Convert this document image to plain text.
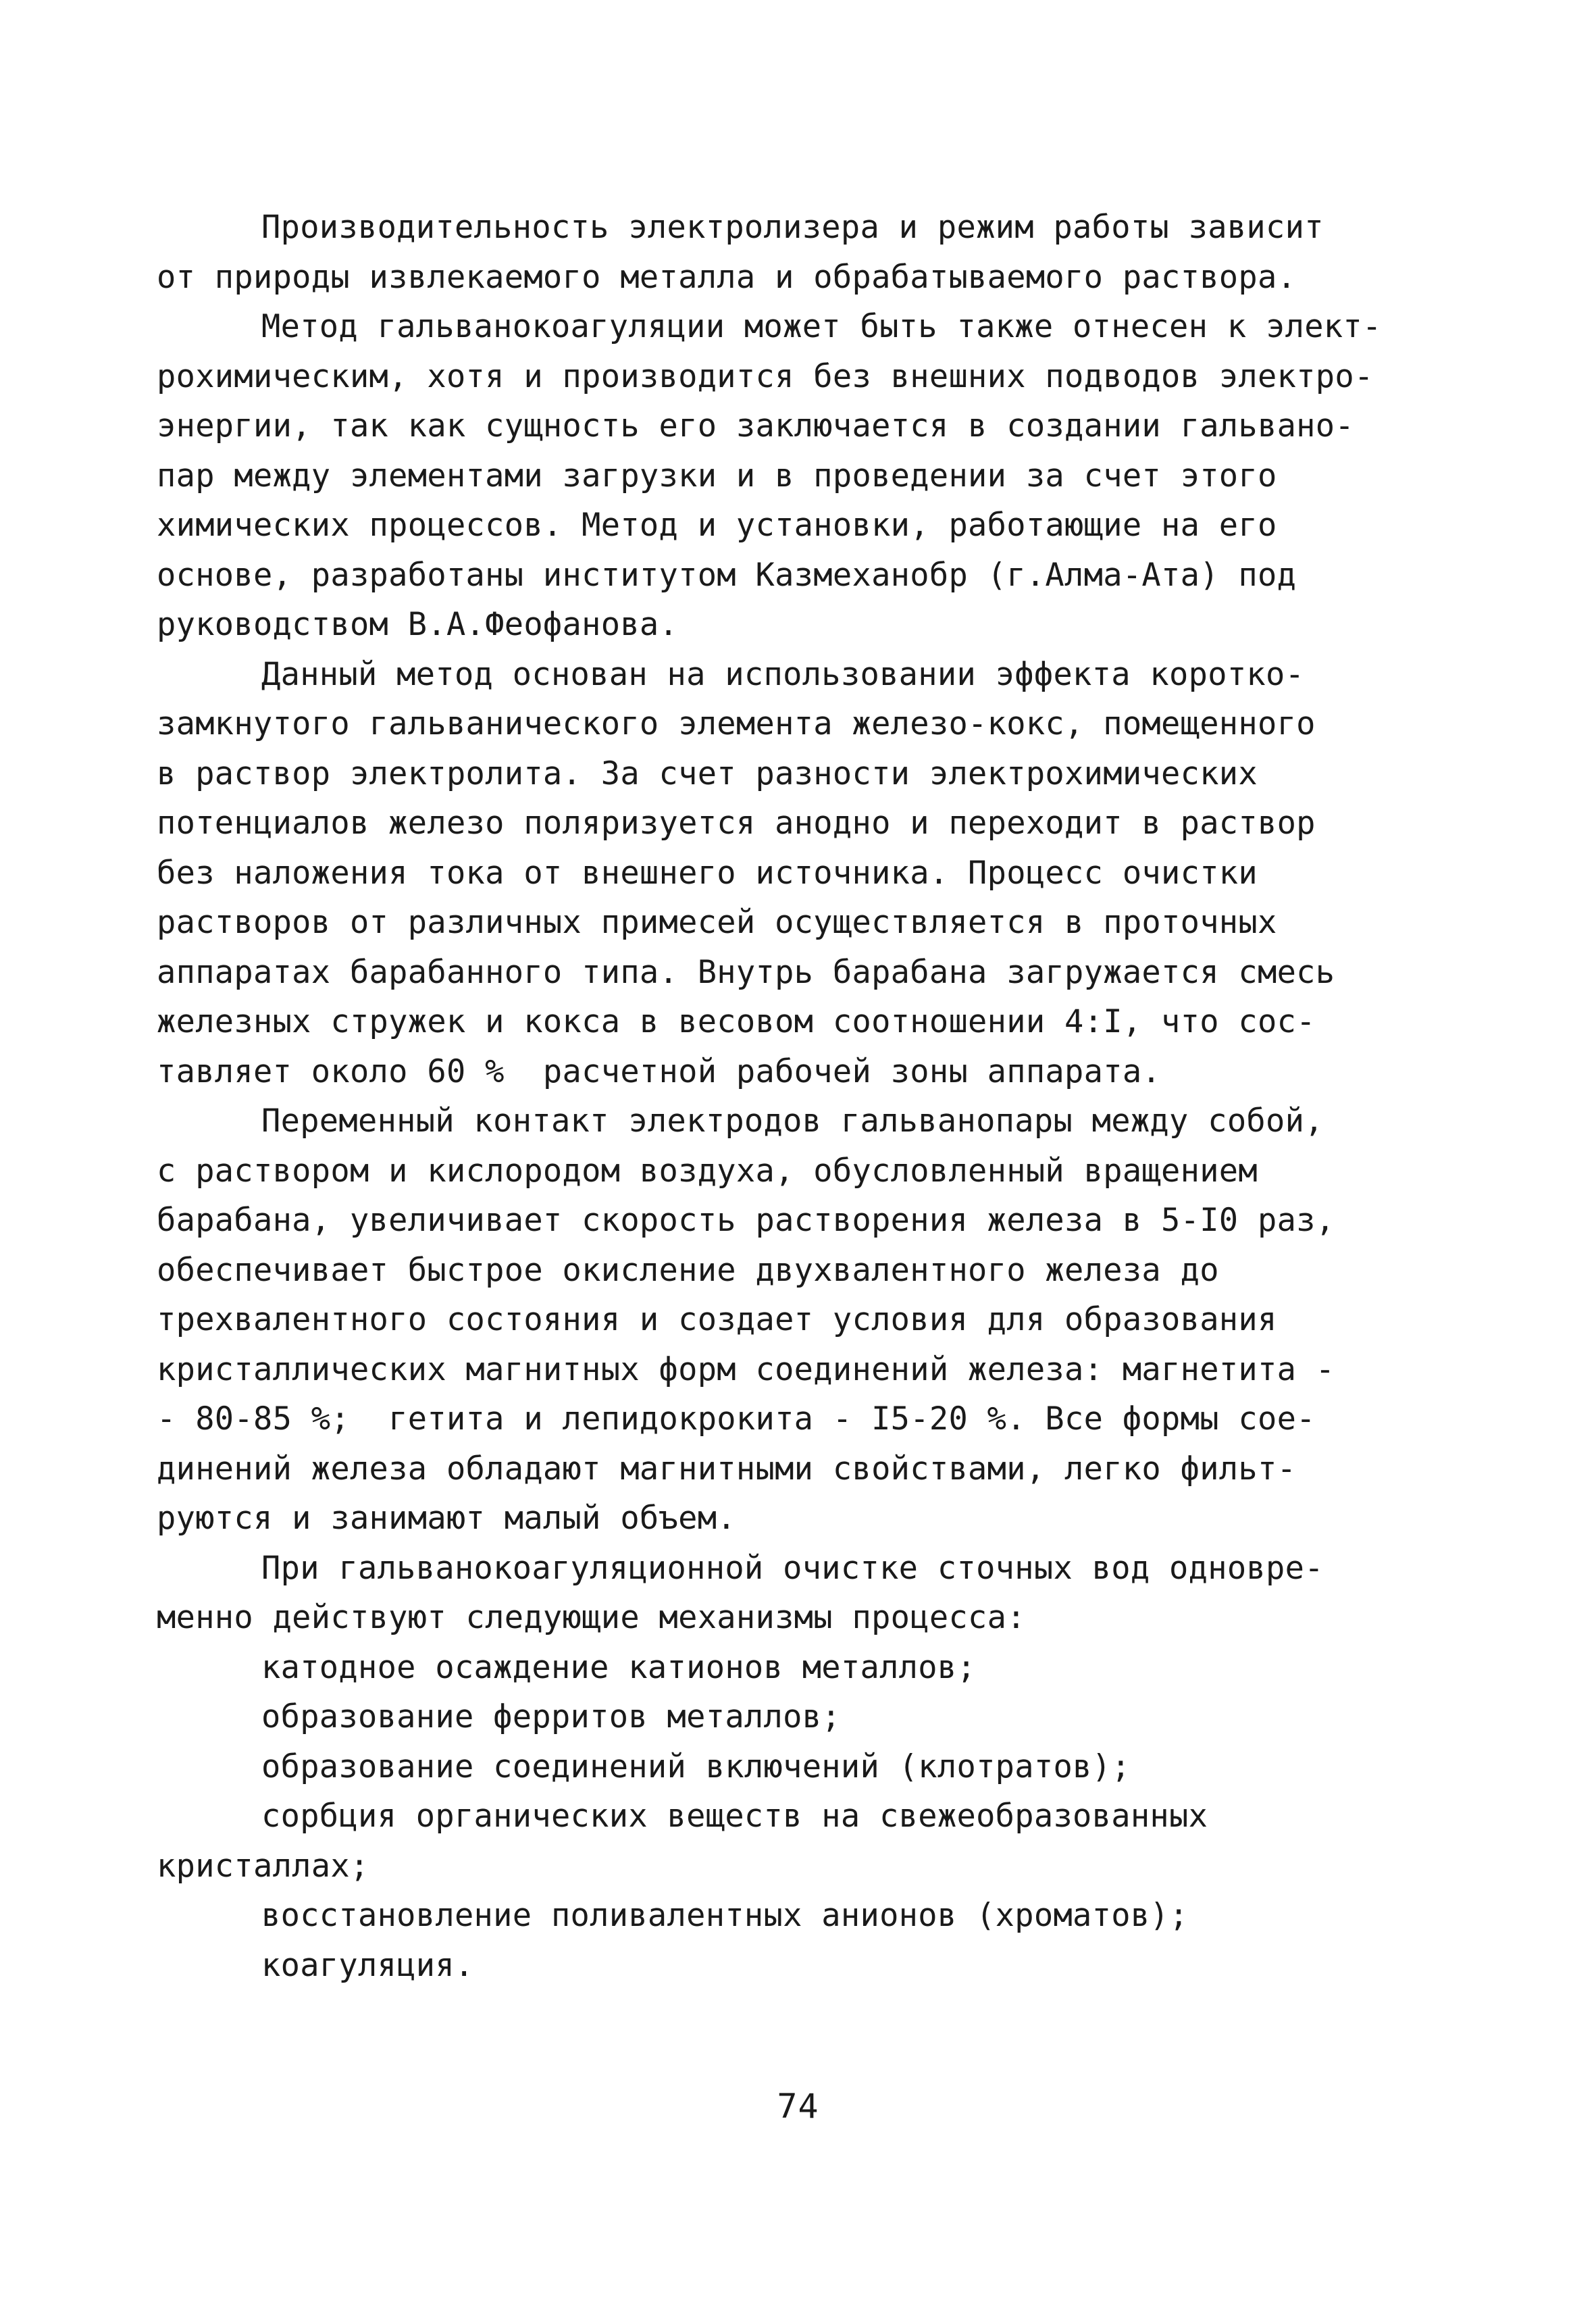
Производительность электролизера и режим работы зависит
от природы извлекаемого металла и обрабатываемого раствора.
Метод гальванокоагуляции может быть также отнесен к элект-
рохимическим, хотя и производится без внешних подводов электро-
энергии, так как сущность его заключается в создании гальвано-
пар между элементами загрузки и в проведении за счет этого
химических процессов. Метод и установки, работающие на его
основе, разработаны институтом Казмеханобр (г.Алма-Ата) под
руководством В.А.Феофанова.
Данный метод основан на использовании эффекта коротко-
замкнутого гальванического элемента железо-кокс, помещенного
в раствор электролита. За счет разности электрохимических
потенциалов железо поляризуется анодно и переходит в раствор
без наложения тока от внешнего источника. Процесс очистки
растворов от различных примесей осуществляется в проточных
аппаратах барабанного типа. Внутрь барабана загружается смесь
железных стружек и кокса в весовом соотношении 4:I, что сос-
тавляет около 60 %  расчетной рабочей зоны аппарата.
Переменный контакт электродов гальванопары между собой,
с раствором и кислородом воздуха, обусловленный вращением
барабана, увеличивает скорость растворения железа в 5-I0 раз,
обеспечивает быстрое окисление двухвалентного железа до
трехвалентного состояния и создает условия для образования
кристаллических магнитных форм соединений железа: магнетита -
- 80-85 %;  гетита и лепидокрокита - I5-20 %. Все формы сое-
динений железа обладают магнитными свойствами, легко фильт-
руются и занимают малый объем.
При гальванокоагуляционной очистке сточных вод одновре-
менно действуют следующие механизмы процесса:
катодное осаждение катионов металлов;
образование ферритов металлов;
образование соединений включений (клотратов);
сорбция органических веществ на свежеобразованных
кристаллах;
восстановление поливалентных анионов (хроматов);
коагуляция.
74
